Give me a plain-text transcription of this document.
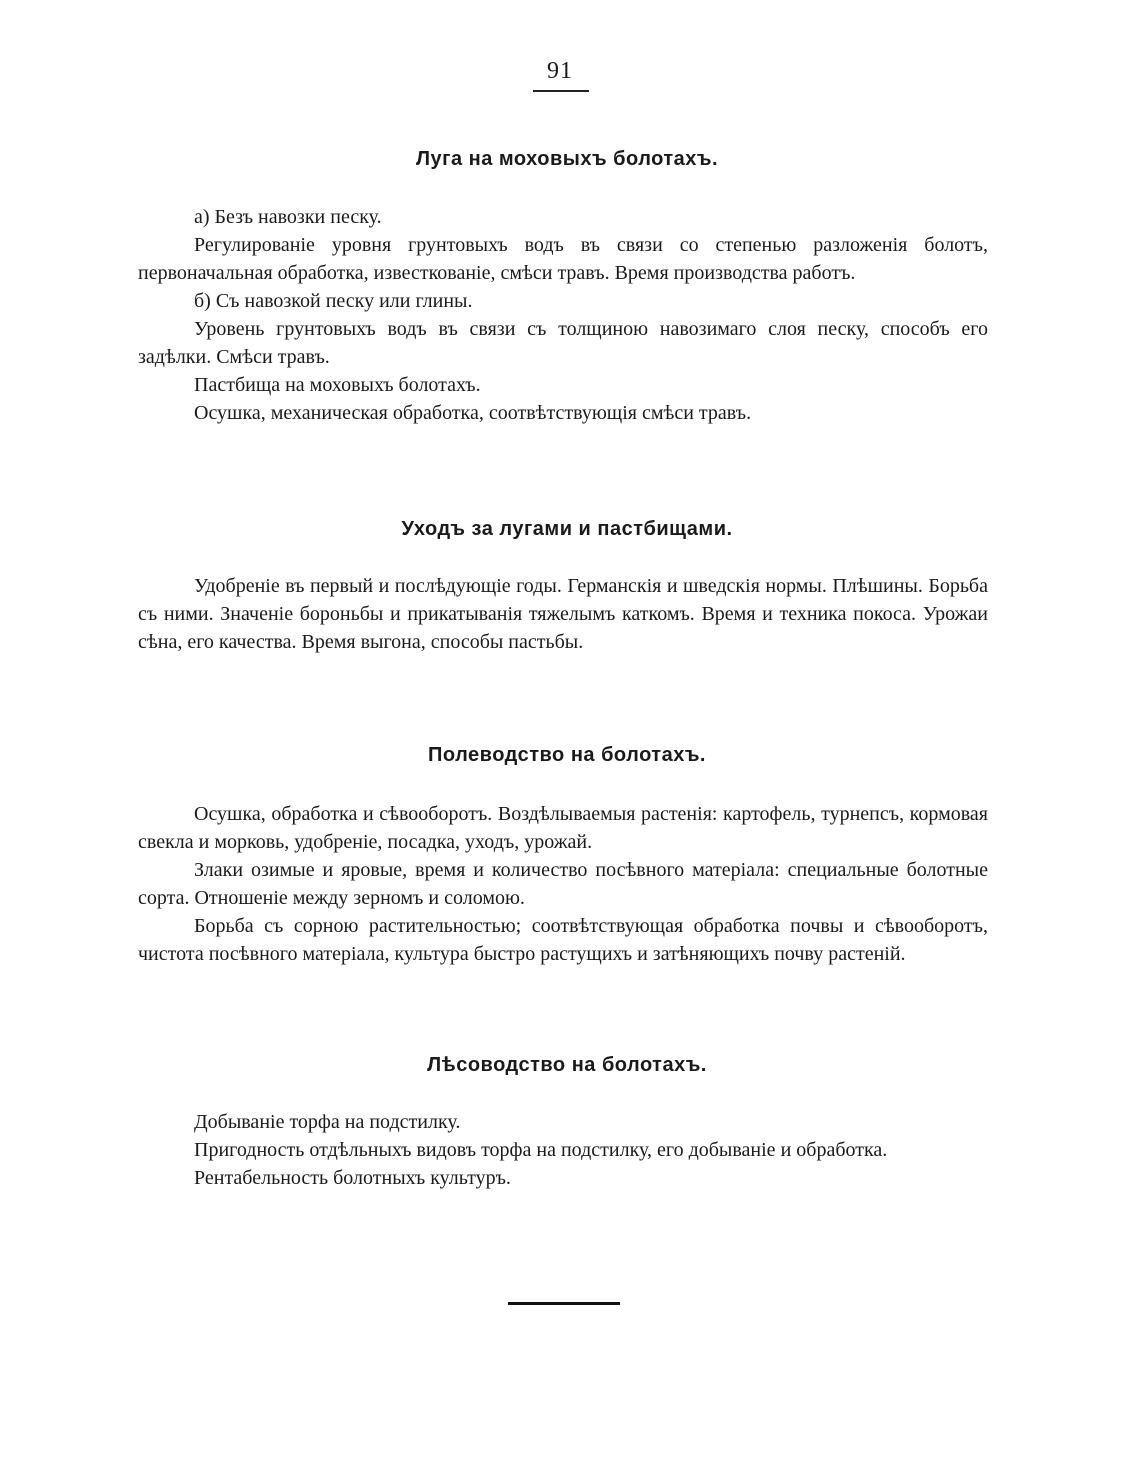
91
Луга на моховыхъ болотахъ.

а) Безъ навозки песку.

Регулированіе уровня грунтовыхъ водъ въ связи со степенью разложенія болотъ, первоначальная обработка, известкованіе, смѣси травъ. Время производства работъ.

б) Съ навозкой песку или глины.

Уровень грунтовыхъ водъ въ связи съ толщиною навозимаго слоя песку, способъ его задѣлки. Смѣси травъ.

Пастбища на моховыхъ болотахъ.

Осушка, механическая обработка, соотвѣтствующія смѣси травъ.

Уходъ за лугами и пастбищами.

Удобреніе въ первый и послѣдующіе годы. Германскія и шведскія нормы. Плѣшины. Борьба съ ними. Значеніе бороньбы и прикатыванія тяжелымъ каткомъ. Время и техника покоса. Урожаи сѣна, его качества. Время выгона, способы пастьбы.

Полеводство на болотахъ.

Осушка, обработка и сѣвооборотъ. Воздѣлываемыя растенія: картофель, турнепсъ, кормовая свекла и морковь, удобреніе, посадка, уходъ, урожай.

Злаки озимые и яровые, время и количество посѣвного матеріала: специальные болотные сорта. Отношеніе между зерномъ и соломою.

Борьба съ сорною растительностью; соотвѣтствующая обработка почвы и сѣвооборотъ, чистота посѣвного матеріала, культура быстро растущихъ и затѣняющихъ почву растеній.

Лѣсоводство на болотахъ.

Добываніе торфа на подстилку.

Пригодность отдѣльныхъ видовъ торфа на подстилку, его добываніе и обработка.

Рентабельность болотныхъ культуръ.
